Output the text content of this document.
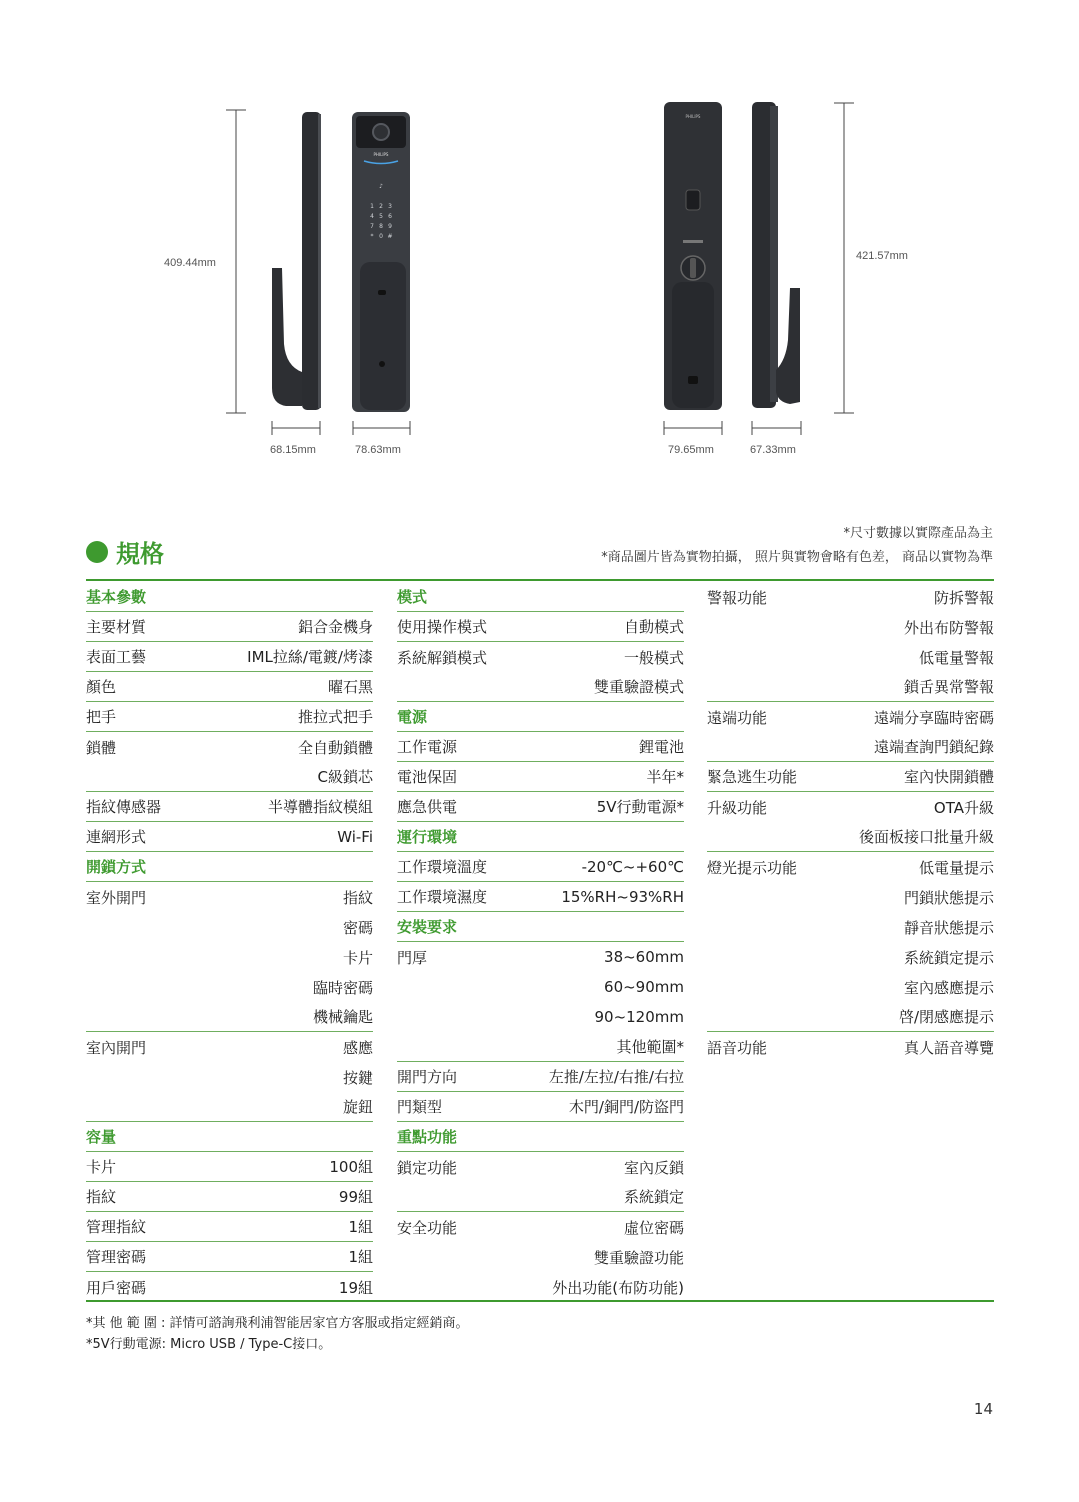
PHILIPS
♪
1 2 3
4 5 6
7 8 9
* 0 #
PHILIPS
409.44mm
421.57mm
68.15mm	78.63mm	79.65mm	67.33mm
規格
*尺寸數據以實際產品為主
*商品圖片皆為實物拍攝， 照片與實物會略有色差， 商品以實物為準
基本參數
主要材質	鋁合金機身
表面工藝	IML拉絲/電鍍/烤漆
顏色	曜石黑
把手	推拉式把手
鎖體	全自動鎖體
C級鎖芯
指紋傳感器	半導體指紋模組
連網形式	Wi-Fi
開鎖方式
室外開門	指紋
密碼
卡片
臨時密碼
機械鑰匙
室內開門	感應
按鍵
旋鈕
容量
卡片	100組
指紋	99組
管理指紋	1組
管理密碼	1組
用戶密碼	19組
模式
使用操作模式	自動模式
系統解鎖模式	一般模式
雙重驗證模式
電源
工作電源	鋰電池
電池保固	半年*
應急供電	5V行動電源*
運行環境
工作環境溫度	-20℃~+60℃
工作環境濕度	15%RH~93%RH
安裝要求
門厚	38~60mm
60~90mm
90~120mm
其他範圍*
開門方向	左推/左拉/右推/右拉
門類型	木門/銅門/防盜門
重點功能
鎖定功能	室內反鎖
系統鎖定
安全功能	虛位密碼
雙重驗證功能
外出功能(布防功能)
警報功能	防拆警報
外出布防警報
低電量警報
鎖舌異常警報
遠端功能	遠端分享臨時密碼
遠端查詢門鎖紀錄
緊急逃生功能	室內快開鎖體
升級功能	OTA升級
後面板接口批量升級
燈光提示功能	低電量提示
門鎖狀態提示
靜音狀態提示
系統鎖定提示
室內感應提示
啓/閉感應提示
語音功能	真人語音導覽
*其 他 範 圍 : 詳情可諮詢飛利浦智能居家官方客服或指定經銷商。
*5V行動電源: Micro USB / Type-C接口。
14
